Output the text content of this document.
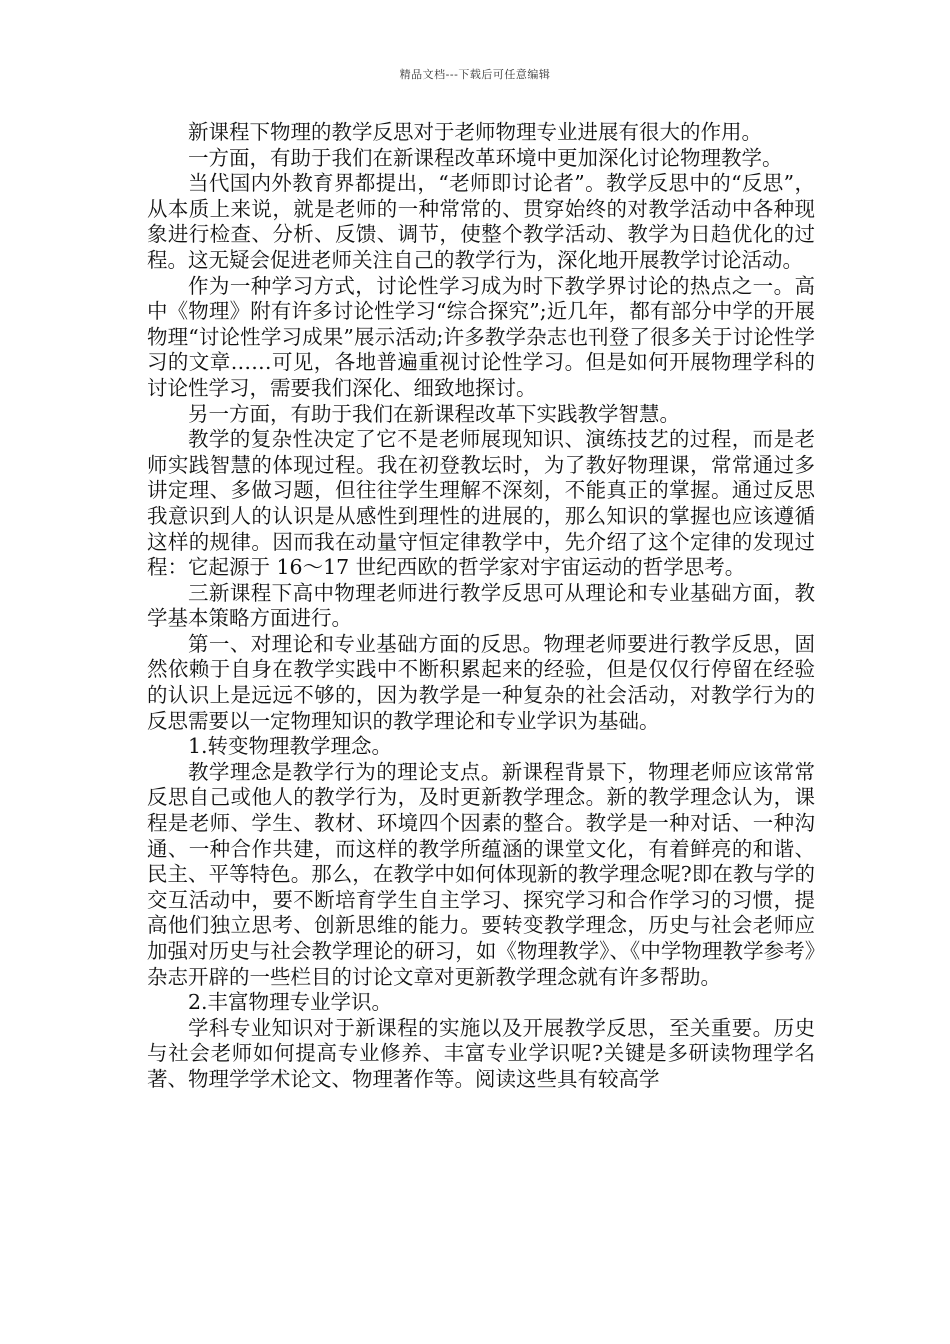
精品文档---下载后可任意编辑

新课程下物理的教学反思对于老师物理专业进展有很大的作用。

一方面，有助于我们在新课程改革环境中更加深化讨论物理教学。

当代国内外教育界都提出，“老师即讨论者”。教学反思中的“反思”，从本质上来说，就是老师的一种常常的、贯穿始终的对教学活动中各种现象进行检查、分析、反馈、调节，使整个教学活动、教学为日趋优化的过程。这无疑会促进老师关注自己的教学行为，深化地开展教学讨论活动。

作为一种学习方式，讨论性学习成为时下教学界讨论的热点之一。高中《物理》附有许多讨论性学习“综合探究”;近几年，都有部分中学的开展物理“讨论性学习成果”展示活动;许多教学杂志也刊登了很多关于讨论性学习的文章……可见，各地普遍重视讨论性学习。但是如何开展物理学科的讨论性学习，需要我们深化、细致地探讨。

另一方面，有助于我们在新课程改革下实践教学智慧。

教学的复杂性决定了它不是老师展现知识、演练技艺的过程，而是老师实践智慧的体现过程。我在初登教坛时，为了教好物理课，常常通过多讲定理、多做习题，但往往学生理解不深刻，不能真正的掌握。通过反思我意识到人的认识是从感性到理性的进展的，那么知识的掌握也应该遵循这样的规律。因而我在动量守恒定律教学中，先介绍了这个定律的发现过程：它起源于 16～17 世纪西欧的哲学家对宇宙运动的哲学思考。

三新课程下高中物理老师进行教学反思可从理论和专业基础方面，教学基本策略方面进行。

第一、对理论和专业基础方面的反思。物理老师要进行教学反思，固然依赖于自身在教学实践中不断积累起来的经验，但是仅仅行停留在经验的认识上是远远不够的，因为教学是一种复杂的社会活动，对教学行为的反思需要以一定物理知识的教学理论和专业学识为基础。

1.转变物理教学理念。

教学理念是教学行为的理论支点。新课程背景下，物理老师应该常常反思自己或他人的教学行为，及时更新教学理念。新的教学理念认为，课程是老师、学生、教材、环境四个因素的整合。教学是一种对话、一种沟通、一种合作共建，而这样的教学所蕴涵的课堂文化，有着鲜亮的和谐、民主、平等特色。那么，在教学中如何体现新的教学理念呢?即在教与学的交互活动中，要不断培育学生自主学习、探究学习和合作学习的习惯，提高他们独立思考、创新思维的能力。要转变教学理念，历史与社会老师应加强对历史与社会教学理论的研习，如《物理教学》、《中学物理教学参考》杂志开辟的一些栏目的讨论文章对更新教学理念就有许多帮助。

2.丰富物理专业学识。

学科专业知识对于新课程的实施以及开展教学反思，至关重要。历史与社会老师如何提高专业修养、丰富专业学识呢?关键是多研读物理学名著、物理学学术论文、物理著作等。阅读这些具有较高学
